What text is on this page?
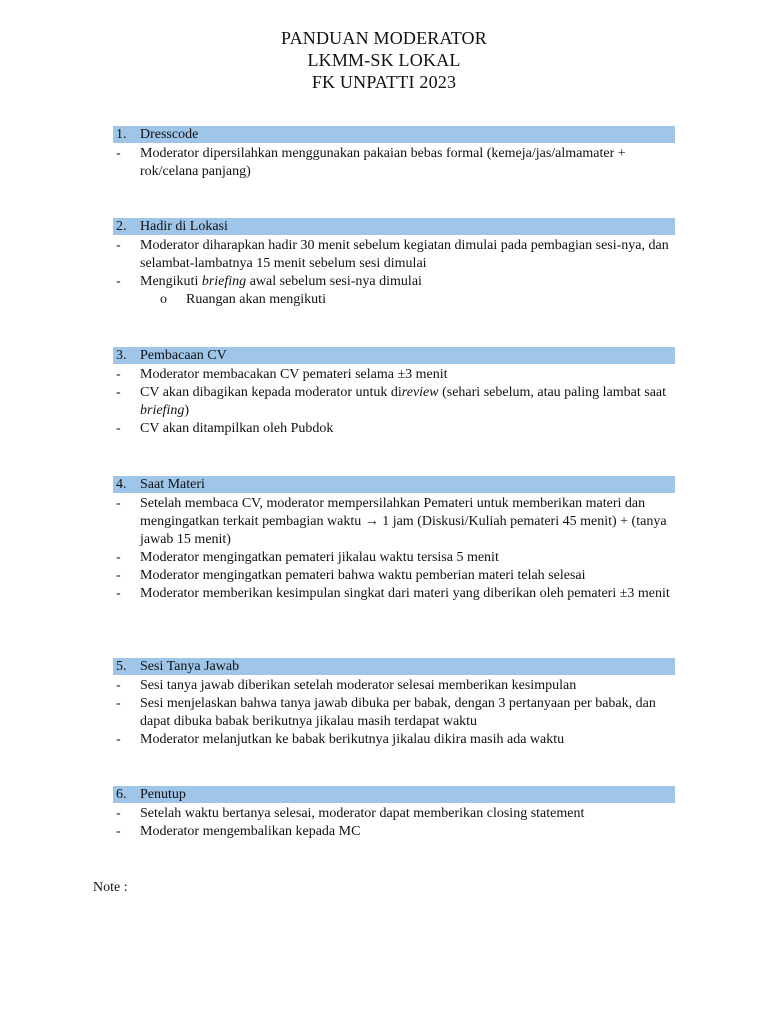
PANDUAN MODERATOR
LKMM-SK LOKAL
FK UNPATTI 2023
1. Dresscode
-	Moderator dipersilahkan menggunakan pakaian bebas formal (kemeja/jas/almamater + rok/celana panjang)
2. Hadir di Lokasi
-	Moderator diharapkan hadir 30 menit sebelum kegiatan dimulai pada pembagian sesi-nya, dan selambat-lambatnya 15 menit sebelum sesi dimulai
-	Mengikuti briefing awal sebelum sesi-nya dimulai
o	Ruangan akan mengikuti
3. Pembacaan CV
-	Moderator membacakan CV pemateri selama ±3 menit
-	CV akan dibagikan kepada moderator untuk direview (sehari sebelum, atau paling lambat saat briefing)
-	CV akan ditampilkan oleh Pubdok
4. Saat Materi
-	Setelah membaca CV, moderator mempersilahkan Pemateri untuk memberikan materi dan mengingatkan terkait pembagian waktu → 1 jam (Diskusi/Kuliah pemateri 45 menit) + (tanya jawab 15 menit)
-	Moderator mengingatkan pemateri jikalau waktu tersisa 5 menit
-	Moderator mengingatkan pemateri bahwa waktu pemberian materi telah selesai
-	Moderator memberikan kesimpulan singkat dari materi yang diberikan oleh pemateri ±3 menit
5. Sesi Tanya Jawab
-	Sesi tanya jawab diberikan setelah moderator selesai memberikan kesimpulan
-	Sesi menjelaskan bahwa tanya jawab dibuka per babak, dengan 3 pertanyaan per babak, dan dapat dibuka babak berikutnya jikalau masih terdapat waktu
-	Moderator melanjutkan ke babak berikutnya jikalau dikira masih ada waktu
6. Penutup
-	Setelah waktu bertanya selesai, moderator dapat memberikan closing statement
-	Moderator mengembalikan kepada MC
Note :
